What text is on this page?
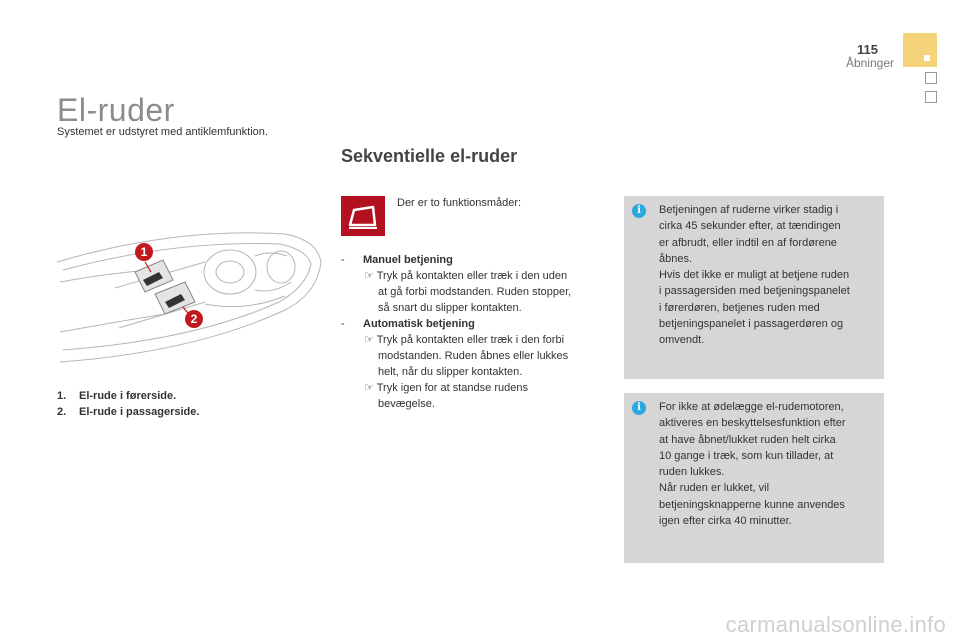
115
Åbninger
El-ruder
Systemet er udstyret med antiklemfunktion.
Sekventielle el-ruder
Der er to funktionsmåder:
- Manuel betjening
☞ Tryk på kontakten eller træk i den uden
at gå forbi modstanden. Ruden stopper,
så snart du slipper kontakten.
- Automatisk betjening
☞ Tryk på kontakten eller træk i den forbi
modstanden. Ruden åbnes eller lukkes
helt, når du slipper kontakten.
☞ Tryk igen for at standse rudens
bevægelse.
1
2
1. El-rude i førerside.
2. El-rude i passagerside.
i	Betjeningen af ruderne virker stadig i
cirka 45 sekunder efter, at tændingen
er afbrudt, eller indtil en af fordørene
åbnes.
Hvis det ikke er muligt at betjene ruden
i passagersiden med betjeningspanelet
i førerdøren, betjenes ruden med
betjeningspanelet i passagerdøren og
omvendt.
i	For ikke at ødelægge el-rudemotoren,
aktiveres en beskyttelsesfunktion efter
at have åbnet/lukket ruden helt cirka
10 gange i træk, som kun tillader, at
ruden lukkes.
Når ruden er lukket, vil
betjeningsknapperne kunne anvendes
igen efter cirka 40 minutter.
carmanualsonline.info
